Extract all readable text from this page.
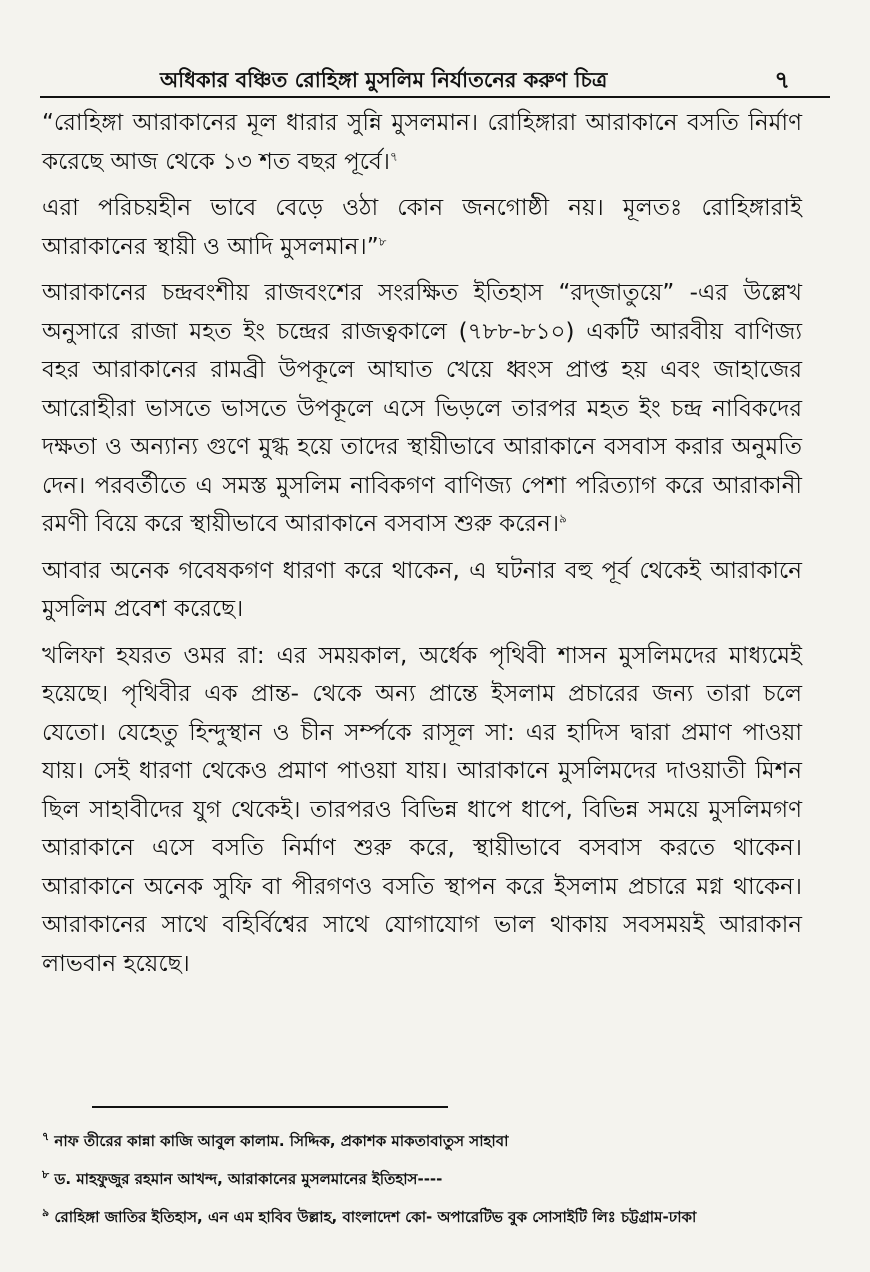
অধিকার বঞ্চিত রোহিঙ্গা মুসলিম নির্যাতনের করুণ চিত্র	৭

“রোহিঙ্গা আরাকানের মূল ধারার সুন্নি মুসলমান। রোহিঙ্গারা আরাকানে বসতি নির্মাণ করেছে আজ থেকে ১৩ শত বছর পূর্বে।$^৭$

এরা পরিচয়হীন ভাবে বেড়ে ওঠা কোন জনগোষ্ঠী নয়। মূলতঃ রোহিঙ্গারাই আরাকানের স্থায়ী ও আদি মুসলমান।”$^৮$

আরাকানের চন্দ্রবংশীয় রাজবংশের সংরক্ষিত ইতিহাস “রদ্জাতুয়ে” -এর উল্লেখ অনুসারে রাজা মহত ইং চন্দ্রের রাজত্বকালে (৭৮৮-৮১০) একটি আরবীয় বাণিজ্য বহর আরাকানের রামব্রী উপকূলে আঘাত খেয়ে ধ্বংস প্রাপ্ত হয় এবং জাহাজের আরোহীরা ভাসতে ভাসতে উপকূলে এসে ভিড়লে তারপর মহত ইং চন্দ্র নাবিকদের দক্ষতা ও অন্যান্য গুণে মুগ্ধ হয়ে তাদের স্থায়ীভাবে আরাকানে বসবাস করার অনুমতি দেন। পরবর্তীতে এ সমস্ত মুসলিম নাবিকগণ বাণিজ্য পেশা পরিত্যাগ করে আরাকানী রমণী বিয়ে করে স্থায়ীভাবে আরাকানে বসবাস শুরু করেন।$^৯$

আবার অনেক গবেষকগণ ধারণা করে থাকেন, এ ঘটনার বহু পূর্ব থেকেই আরাকানে মুসলিম প্রবেশ করেছে।

খলিফা হযরত ওমর রা: এর সময়কাল, অর্ধেক পৃথিবী শাসন মুসলিমদের মাধ্যমেই হয়েছে। পৃথিবীর এক প্রান্ত- থেকে অন্য প্রান্তে ইসলাম প্রচারের জন্য তারা চলে যেতো। যেহেতু হিন্দুস্থান ও চীন সর্ম্পকে রাসূল সা: এর হাদিস দ্বারা প্রমাণ পাওয়া যায়। সেই ধারণা থেকেও প্রমাণ পাওয়া যায়। আরাকানে মুসলিমদের দাওয়াতী মিশন ছিল সাহাবীদের যুগ থেকেই। তারপরও বিভিন্ন ধাপে ধাপে, বিভিন্ন সময়ে মুসলিমগণ আরাকানে এসে বসতি নির্মাণ শুরু করে, স্থায়ীভাবে বসবাস করতে থাকেন। আরাকানে অনেক সুফি বা পীরগণও বসতি স্থাপন করে ইসলাম প্রচারে মগ্ন থাকেন। আরাকানের সাথে বহির্বিশ্বের সাথে যোগাযোগ ভাল থাকায় সবসময়ই আরাকান লাভবান হয়েছে।

$^৭$ নাফ তীরের কান্না কাজি আবুল কালাম. সিদ্দিক, প্রকাশক মাকতাবাতুস সাহাবা

$^৮$ ড. মাহফুজুর রহমান আখন্দ, আরাকানের মুসলমানের ইতিহাস----

$^৯$ রোহিঙ্গা জাতির ইতিহাস, এন এম হাবিব উল্লাহ, বাংলাদেশ কো- অপারেটিভ বুক সোসাইটি লিঃ চট্টগ্রাম-ঢাকা
